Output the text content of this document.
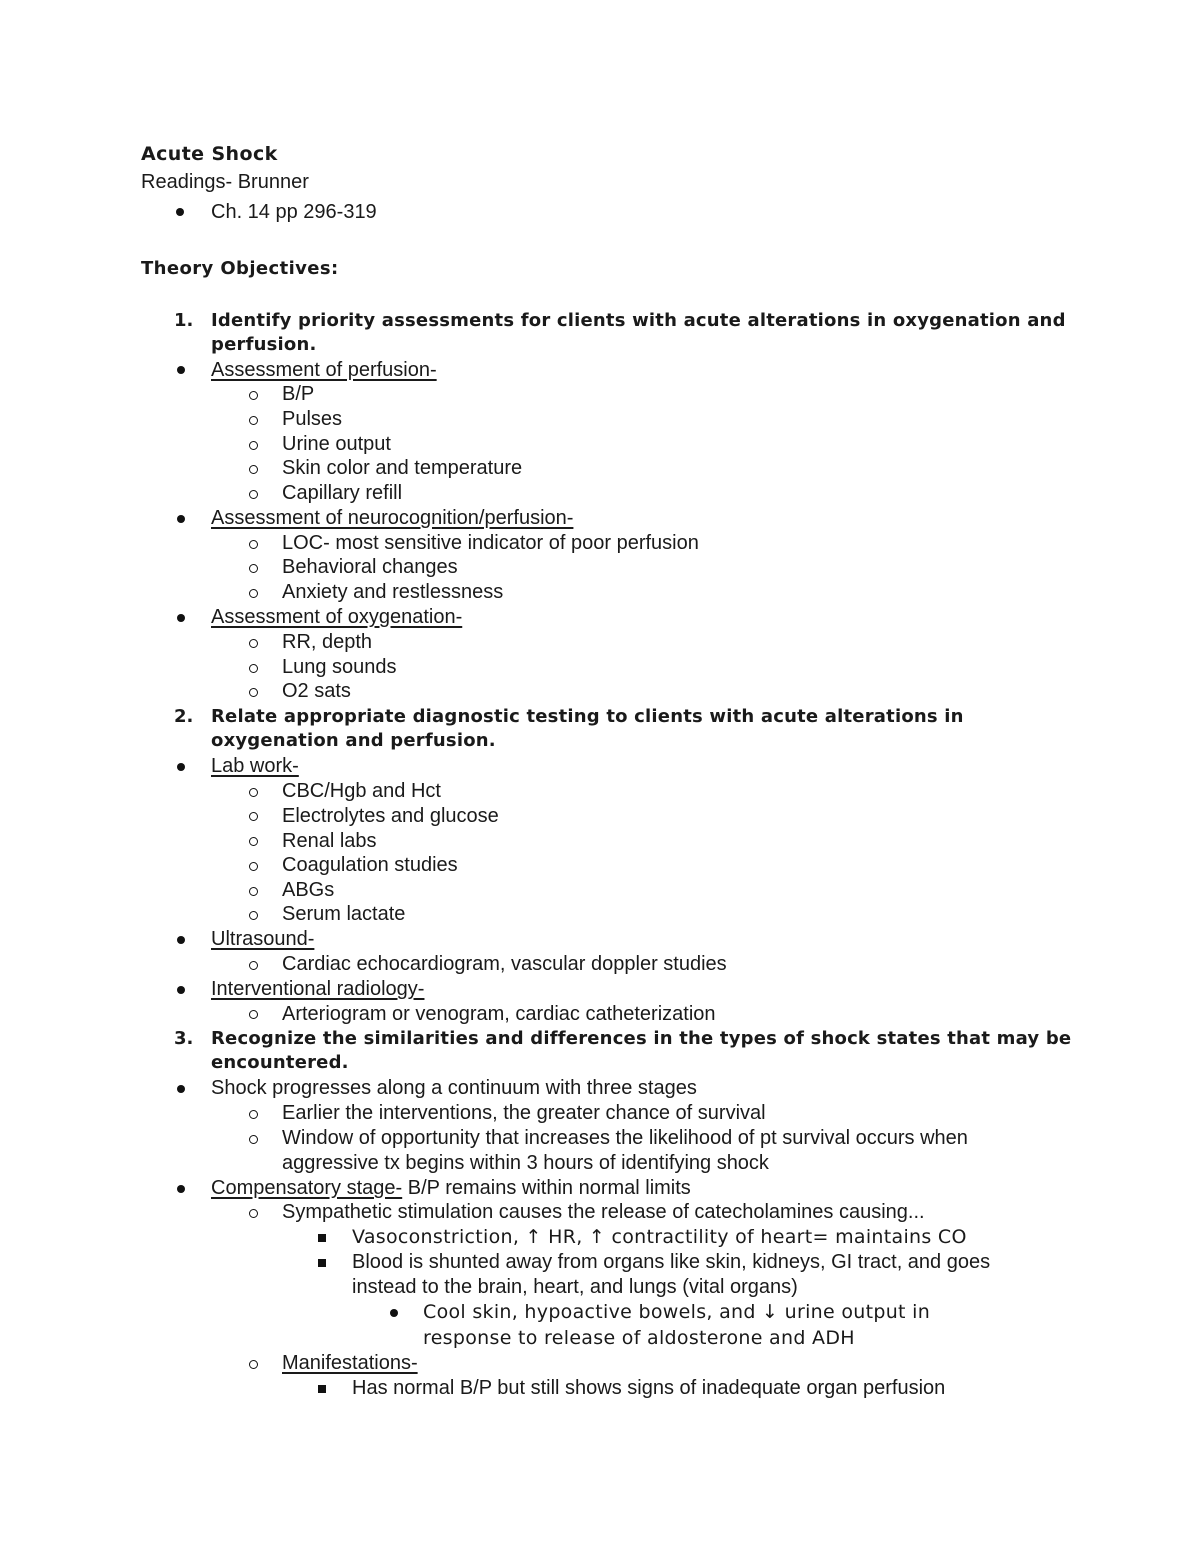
Acute Shock
Readings- Brunner
Ch. 14 pp 296-319
Theory Objectives:
1. Identify priority assessments for clients with acute alterations in oxygenation and
perfusion.
Assessment of perfusion-
B/P
Pulses
Urine output
Skin color and temperature
Capillary refill
Assessment of neurocognition/perfusion-
LOC- most sensitive indicator of poor perfusion
Behavioral changes
Anxiety and restlessness
Assessment of oxygenation-
RR, depth
Lung sounds
O2 sats
2. Relate appropriate diagnostic testing to clients with acute alterations in
oxygenation and perfusion.
Lab work-
CBC/Hgb and Hct
Electrolytes and glucose
Renal labs
Coagulation studies
ABGs
Serum lactate
Ultrasound-
Cardiac echocardiogram, vascular doppler studies
Interventional radiology-
Arteriogram or venogram, cardiac catheterization
3. Recognize the similarities and differences in the types of shock states that may be
encountered.
Shock progresses along a continuum with three stages
Earlier the interventions, the greater chance of survival
Window of opportunity that increases the likelihood of pt survival occurs when
aggressive tx begins within 3 hours of identifying shock
Compensatory stage- B/P remains within normal limits
Sympathetic stimulation causes the release of catecholamines causing...
Vasoconstriction, ↑ HR, ↑ contractility of heart= maintains CO
Blood is shunted away from organs like skin, kidneys, GI tract, and goes
instead to the brain, heart, and lungs (vital organs)
Cool skin, hypoactive bowels, and ↓ urine output in
response to release of aldosterone and ADH
Manifestations-
Has normal B/P but still shows signs of inadequate organ perfusion
